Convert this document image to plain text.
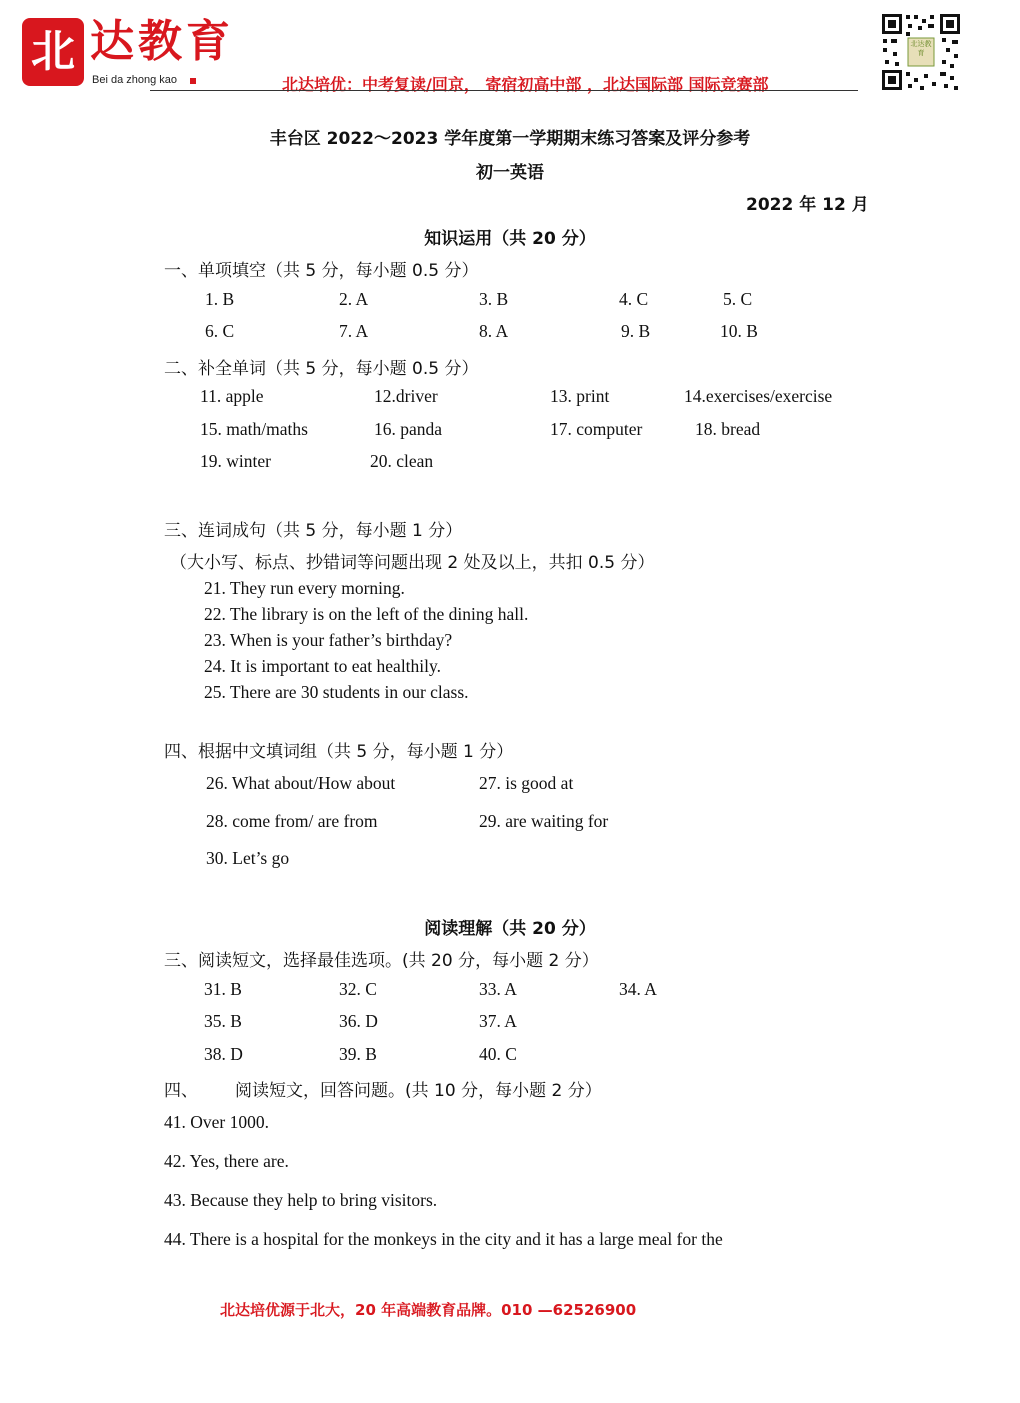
北 达教育
Bei da zhong kao	北达培优：中考复读/回京， 寄宿初高中部 ，北达国际部 国际竞赛部
北达教育
丰台区 2022～2023 学年度第一学期期末练习答案及评分参考
初一英语
2022 年 12 月
知识运用（共 20 分）
一、单项填空（共 5 分，每小题 0.5 分）
1. B	2. A	3. B	4. C	5. C
6. C	7. A	8. A	9. B	10. B
二、补全单词（共 5 分，每小题 0.5 分）
11. apple	12.driver	13. print	14.exercises/exercise
15. math/maths	16. panda	17. computer	18. bread
19. winter	20. clean
三、连词成句（共 5 分，每小题 1 分）
（大小写、标点、抄错词等问题出现 2 处及以上，共扣 0.5 分）
21. They run every morning.
22. The library is on the left of the dining hall.
23. When is your father’s birthday?
24. It is important to eat healthily.
25. There are 30 students in our class.
四、根据中文填词组（共 5 分，每小题 1 分）
26. What about/How about	27. is good at
28. come from/ are from	29. are waiting for
30. Let’s go
阅读理解（共 20 分）
三、阅读短文，选择最佳选项。(共 20 分，每小题 2 分）
31. B	32. C	33. A	34. A
35. B	36. D	37. A
38. D	39. B	40. C
四、 阅读短文，回答问题。(共 10 分，每小题 2 分）
41. Over 1000.
42. Yes, there are.
43. Because they help to bring visitors.
44. There is a hospital for the monkeys in the city and it has a large meal for the
北达培优源于北大，20 年高端教育品牌。010 —62526900
